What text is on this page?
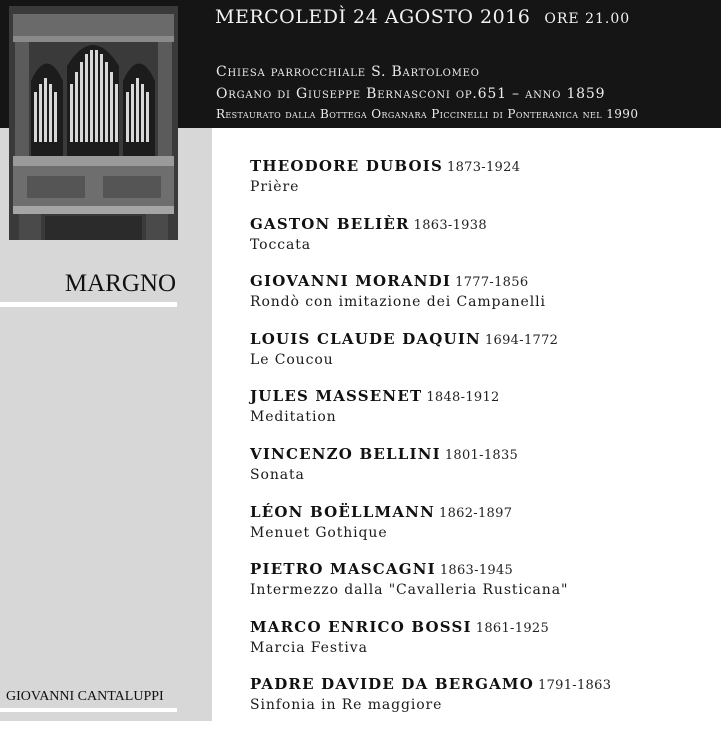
MERCOLEDÌ 24 AGOSTO 2016 ORE 21.00
Chiesa parrocchiale S. Bartolomeo
Organo di Giuseppe Bernasconi op.651 – anno 1859
Restaurato dalla Bottega Organara Piccinelli di Ponteranica nel 1990
MARGNO
GIOVANNI CANTALUPPI
THEODORE DUBOIS 1873-1924
Prière
GASTON BELIÈR 1863-1938
Toccata
GIOVANNI MORANDI 1777-1856
Rondò con imitazione dei Campanelli
LOUIS CLAUDE DAQUIN 1694-1772
Le Coucou
JULES MASSENET 1848-1912
Meditation
VINCENZO BELLINI 1801-1835
Sonata
LÉON BOËLLMANN 1862-1897
Menuet Gothique
PIETRO MASCAGNI 1863-1945
Intermezzo dalla "Cavalleria Rusticana"
MARCO ENRICO BOSSI 1861-1925
Marcia Festiva
PADRE DAVIDE DA BERGAMO 1791-1863
Sinfonia in Re maggiore
